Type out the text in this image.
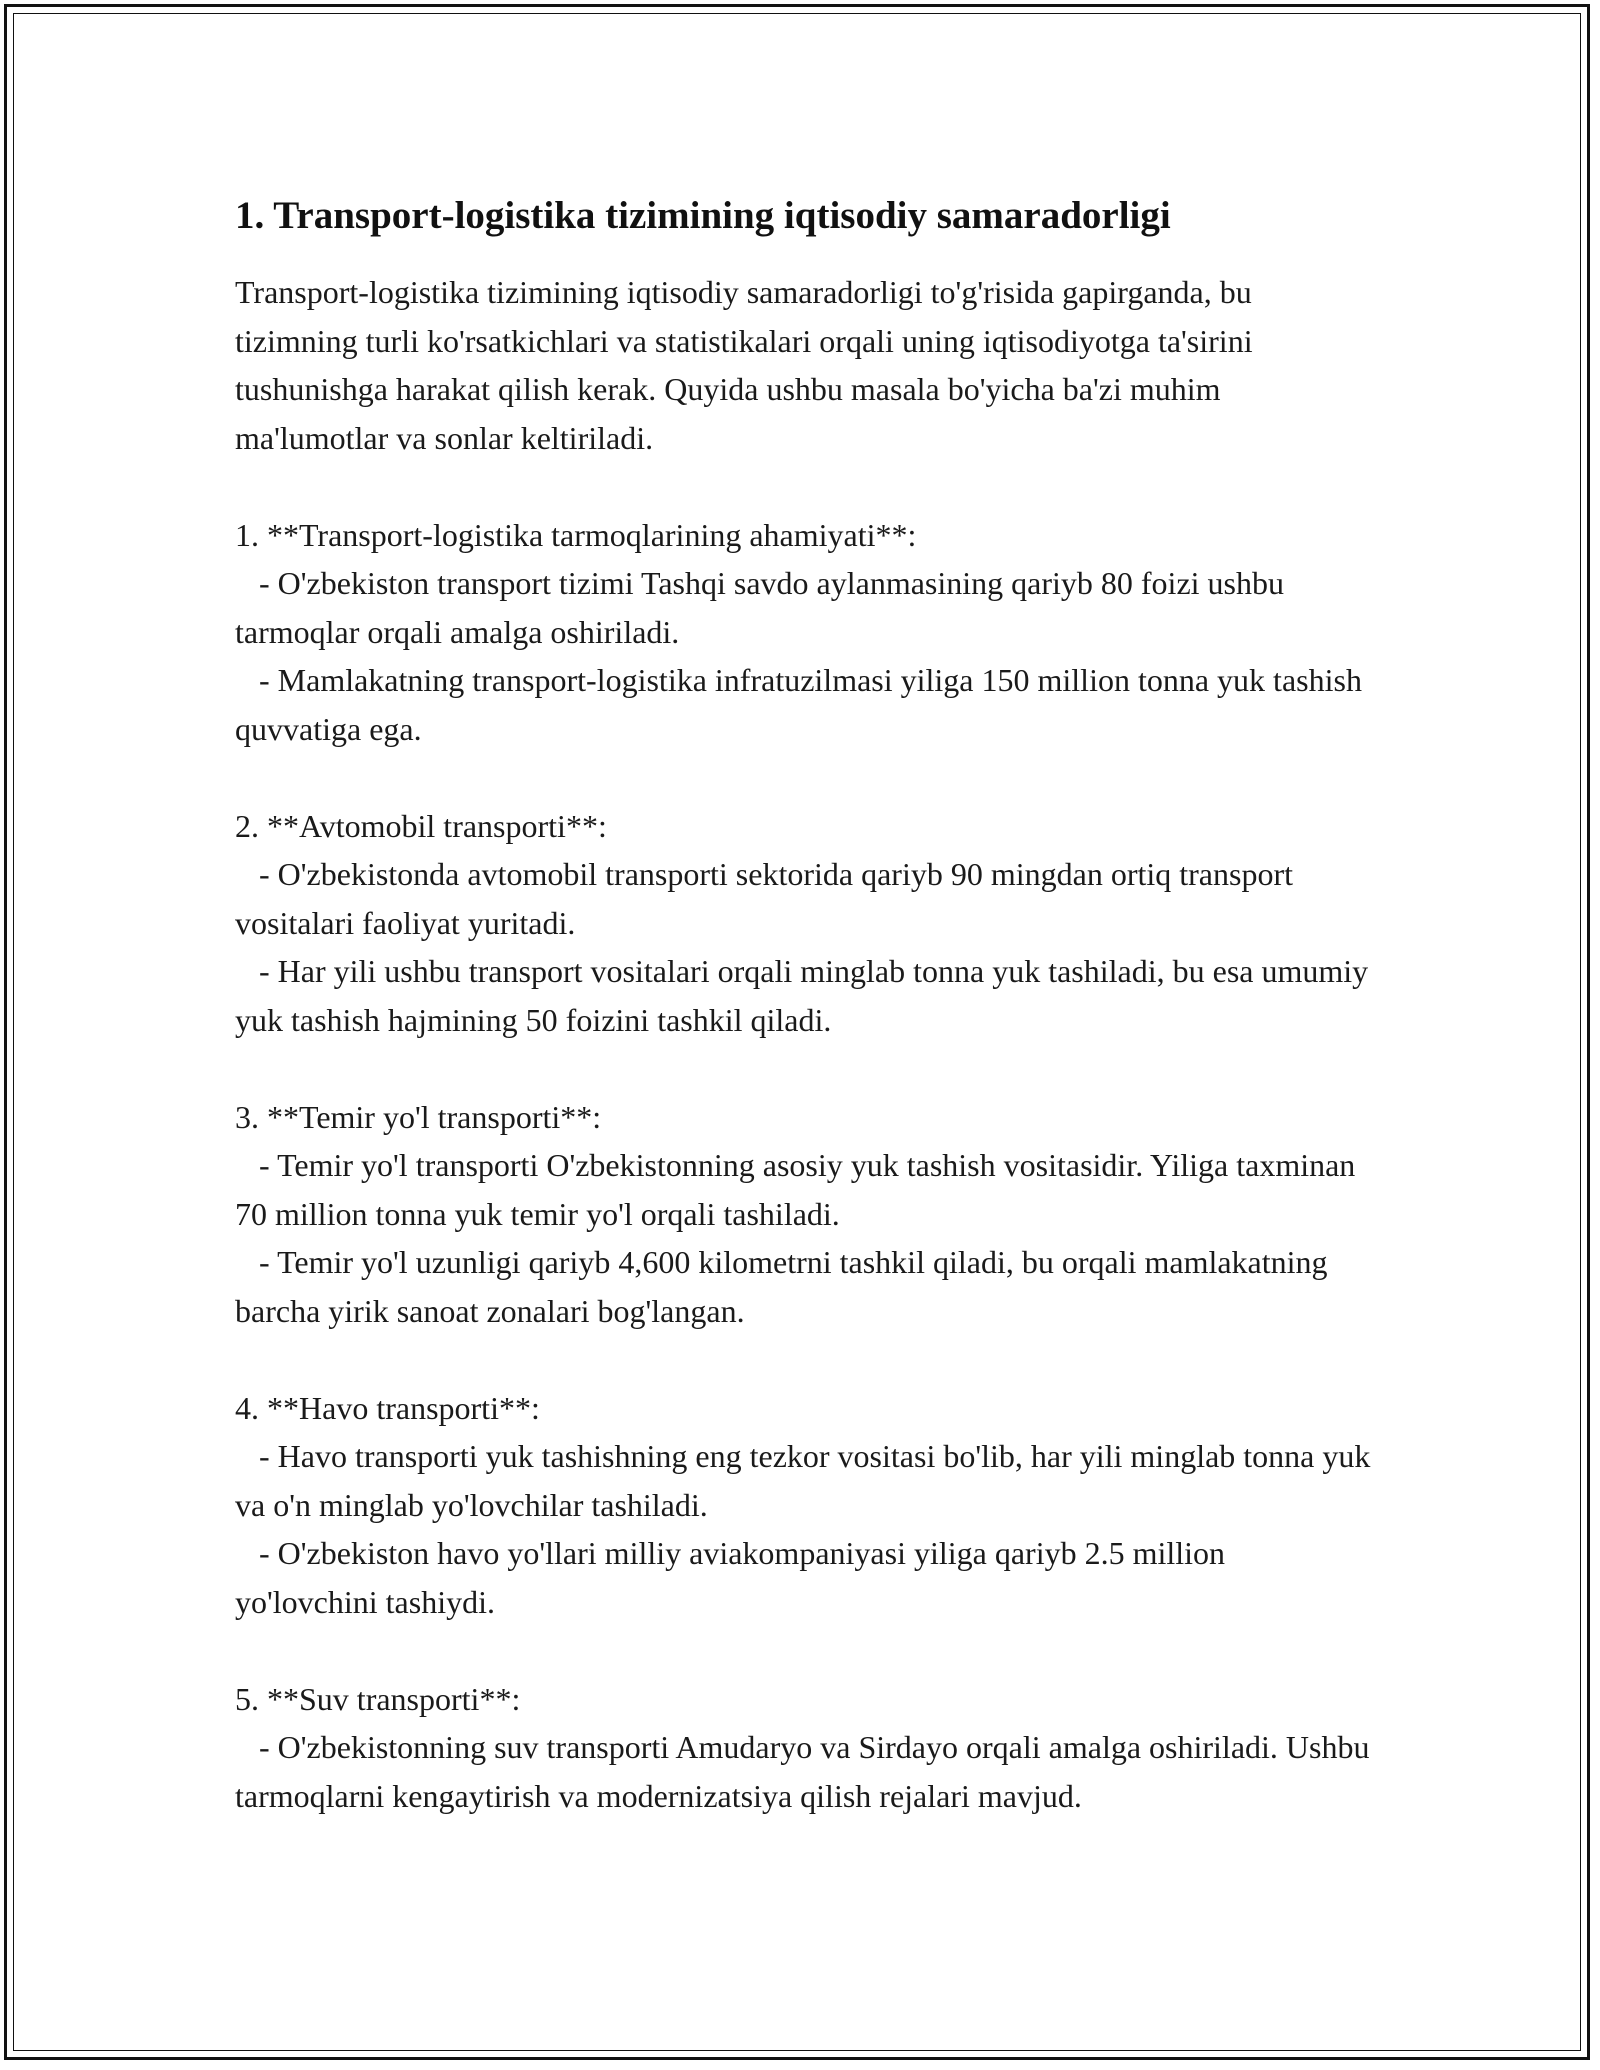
1. Transport-logistika tizimining iqtisodiy samaradorligi

Transport-logistika tizimining iqtisodiy samaradorligi to'g'risida gapirganda, bu tizimning turli ko'rsatkichlari va statistikalari orqali uning iqtisodiyotga ta'sirini tushunishga harakat qilish kerak. Quyida ushbu masala bo'yicha ba'zi muhim ma'lumotlar va sonlar keltiriladi.

1. **Transport-logistika tarmoqlarining ahamiyati**:

- O'zbekiston transport tizimi Tashqi savdo aylanmasining qariyb 80 foizi ushbu tarmoqlar orqali amalga oshiriladi.

- Mamlakatning transport-logistika infratuzilmasi yiliga 150 million tonna yuk tashish quvvatiga ega.

2. **Avtomobil transporti**:

- O'zbekistonda avtomobil transporti sektorida qariyb 90 mingdan ortiq transport vositalari faoliyat yuritadi.

- Har yili ushbu transport vositalari orqali minglab tonna yuk tashiladi, bu esa umumiy yuk tashish hajmining 50 foizini tashkil qiladi.

3. **Temir yo'l transporti**:

- Temir yo'l transporti O'zbekistonning asosiy yuk tashish vositasidir. Yiliga taxminan 70 million tonna yuk temir yo'l orqali tashiladi.

- Temir yo'l uzunligi qariyb 4,600 kilometrni tashkil qiladi, bu orqali mamlakatning barcha yirik sanoat zonalari bog'langan.

4. **Havo transporti**:

- Havo transporti yuk tashishning eng tezkor vositasi bo'lib, har yili minglab tonna yuk va o'n minglab yo'lovchilar tashiladi.

- O'zbekiston havo yo'llari milliy aviakompaniyasi yiliga qariyb 2.5 million yo'lovchini tashiydi.

5. **Suv transporti**:

- O'zbekistonning suv transporti Amudaryo va Sirdayo orqali amalga oshiriladi. Ushbu tarmoqlarni kengaytirish va modernizatsiya qilish rejalari mavjud.
